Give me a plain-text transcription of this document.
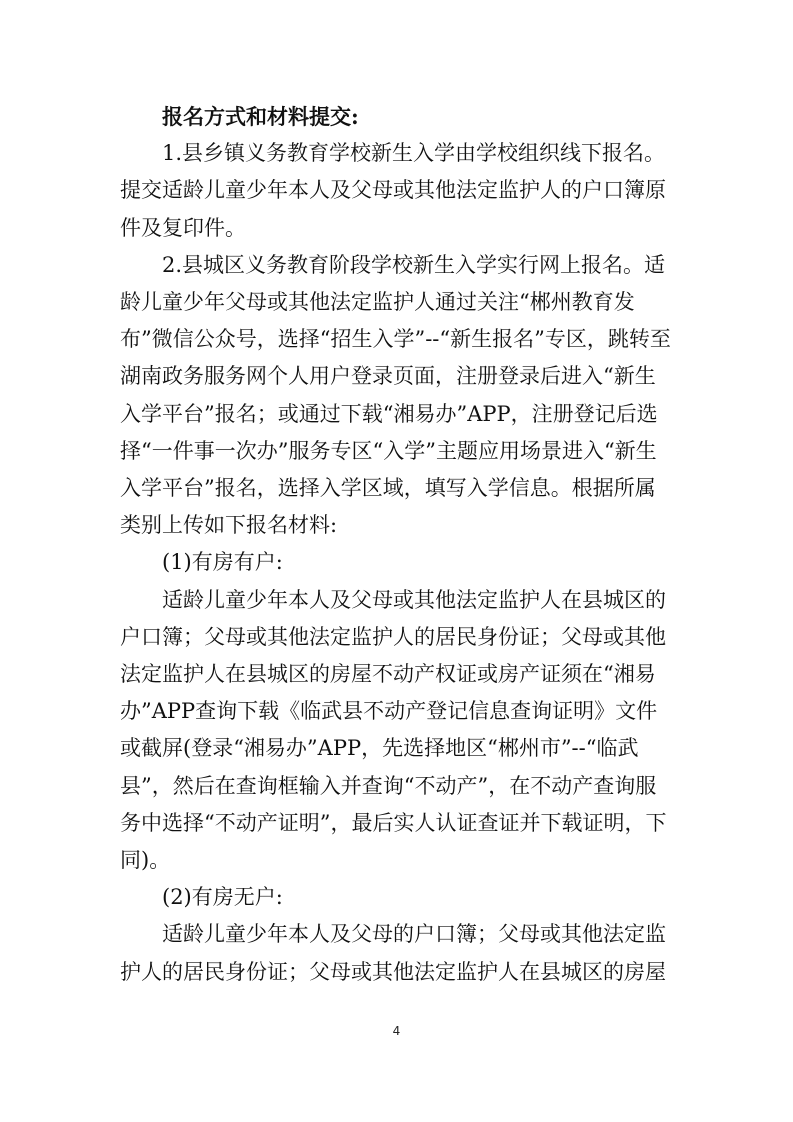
报名方式和材料提交:

1.县乡镇义务教育学校新生入学由学校组织线下报名。提交适龄儿童少年本人及父母或其他法定监护人的户口簿原件及复印件。

2.县城区义务教育阶段学校新生入学实行网上报名。适龄儿童少年父母或其他法定监护人通过关注“郴州教育发布”微信公众号，选择“招生入学”--“新生报名”专区，跳转至湖南政务服务网个人用户登录页面，注册登录后进入“新生入学平台”报名；或通过下载“湘易办”APP，注册登记后选择“一件事一次办”服务专区“入学”主题应用场景进入“新生入学平台”报名，选择入学区域，填写入学信息。根据所属类别上传如下报名材料:

(1)有房有户:

适龄儿童少年本人及父母或其他法定监护人在县城区的户口簿；父母或其他法定监护人的居民身份证；父母或其他法定监护人在县城区的房屋不动产权证或房产证须在“湘易办”APP查询下载《临武县不动产登记信息查询证明》文件或截屏(登录“湘易办”APP，先选择地区“郴州市”--“临武县”，然后在查询框输入并查询“不动产”，在不动产查询服务中选择“不动产证明”，最后实人认证查证并下载证明，下同)。

(2)有房无户:

适龄儿童少年本人及父母的户口簿；父母或其他法定监护人的居民身份证；父母或其他法定监护人在县城区的房屋

4
